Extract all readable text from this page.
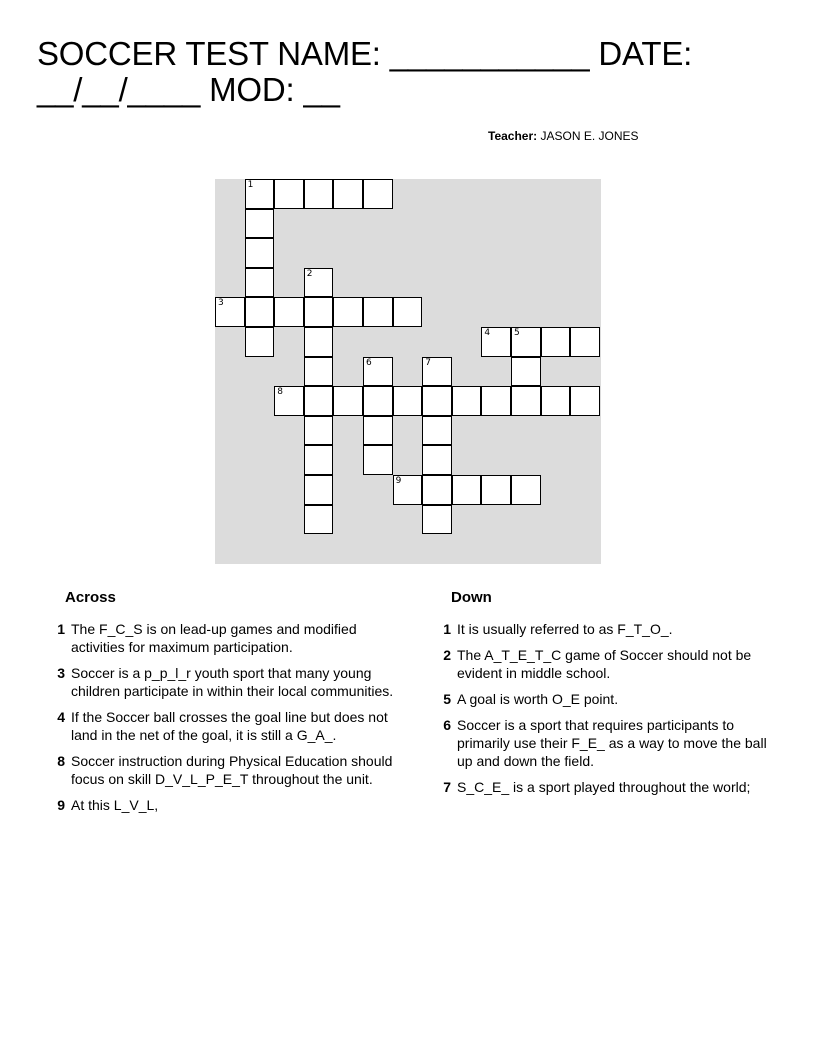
SOCCER TEST NAME: ___________ DATE: __/__/____ MOD: __
Teacher: JASON E. JONES
1
2
3
4	5
6	7
8
9
Across
1 The F_C_S is on lead-up games and modified activities for maximum participation.
3 Soccer is a p_p_l_r youth sport that many young children participate in within their local communities.
4 If the Soccer ball crosses the goal line but does not land in the net of the goal, it is still a G_A_.
8 Soccer instruction during Physical Education should focus on skill D_V_L_P_E_T throughout the unit.
9 At this L_V_L,
Down
1 It is usually referred to as F_T_O_.
2 The A_T_E_T_C game of Soccer should not be evident in middle school.
5 A goal is worth O_E point.
6 Soccer is a sport that requires participants to primarily use their F_E_ as a way to move the ball up and down the field.
7 S_C_E_ is a sport played throughout the world;
